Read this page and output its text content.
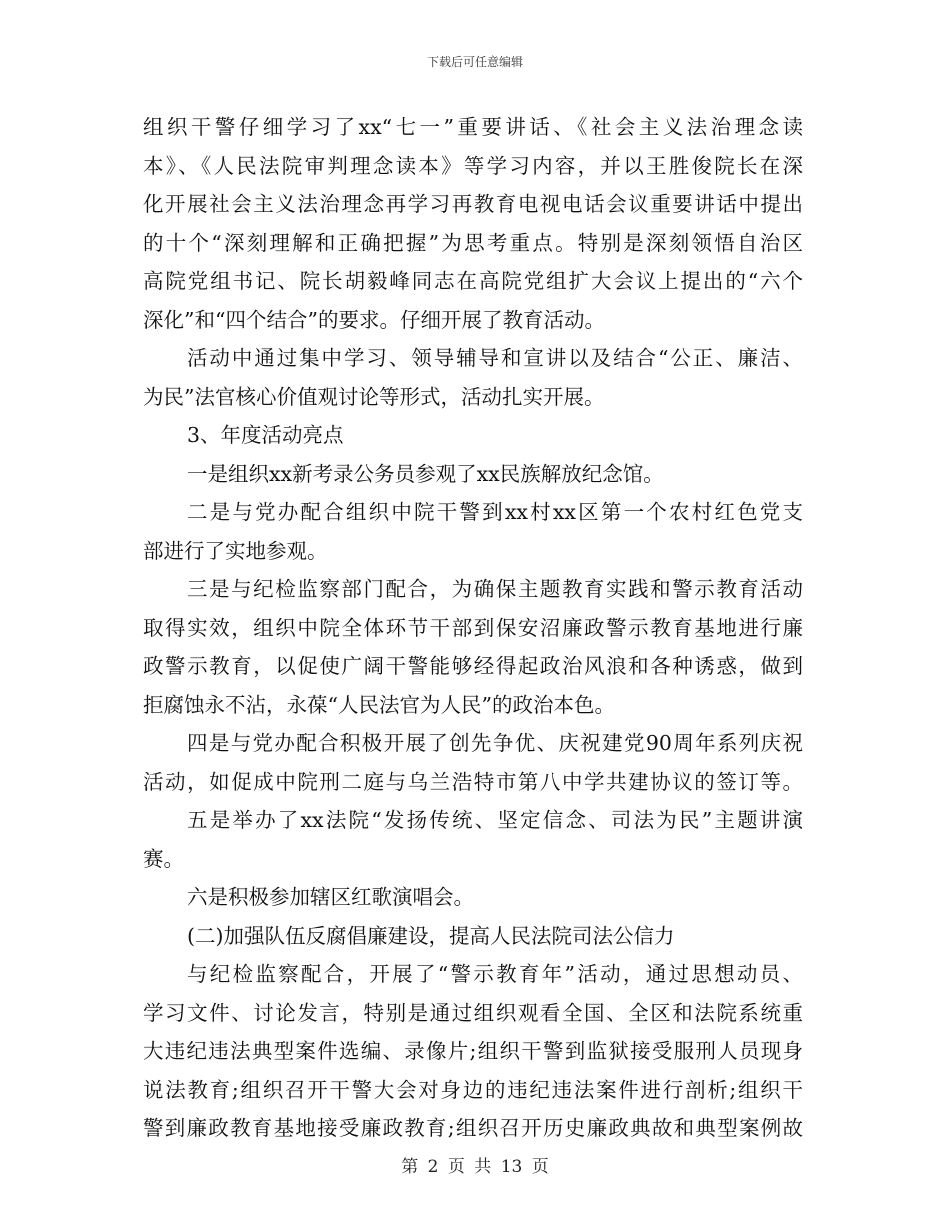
下载后可任意编辑
组织干警仔细学习了xx“七一”重要讲话、《社会主义法治理念读
本》、《人民法院审判理念读本》等学习内容，并以王胜俊院长在深
化开展社会主义法治理念再学习再教育电视电话会议重要讲话中提出
的十个“深刻理解和正确把握”为思考重点。特别是深刻领悟自治区
高院党组书记、院长胡毅峰同志在高院党组扩大会议上提出的“六个
深化”和“四个结合”的要求。仔细开展了教育活动。
活动中通过集中学习、领导辅导和宣讲以及结合“公正、廉洁、
为民”法官核心价值观讨论等形式，活动扎实开展。
3、年度活动亮点
一是组织xx新考录公务员参观了xx民族解放纪念馆。
二是与党办配合组织中院干警到xx村xx区第一个农村红色党支
部进行了实地参观。
三是与纪检监察部门配合，为确保主题教育实践和警示教育活动
取得实效，组织中院全体环节干部到保安沼廉政警示教育基地进行廉
政警示教育，以促使广阔干警能够经得起政治风浪和各种诱惑，做到
拒腐蚀永不沾，永葆“人民法官为人民”的政治本色。
四是与党办配合积极开展了创先争优、庆祝建党90周年系列庆祝
活动，如促成中院刑二庭与乌兰浩特市第八中学共建协议的签订等。
五是举办了xx法院“发扬传统、坚定信念、司法为民”主题讲演
赛。
六是积极参加辖区红歌演唱会。
(二)加强队伍反腐倡廉建设，提高人民法院司法公信力
与纪检监察配合，开展了“警示教育年”活动，通过思想动员、
学习文件、讨论发言，特别是通过组织观看全国、全区和法院系统重
大违纪违法典型案件选编、录像片;组织干警到监狱接受服刑人员现身
说法教育;组织召开干警大会对身边的违纪违法案件进行剖析;组织干
警到廉政教育基地接受廉政教育;组织召开历史廉政典故和典型案例故
第 2 页 共 13 页
